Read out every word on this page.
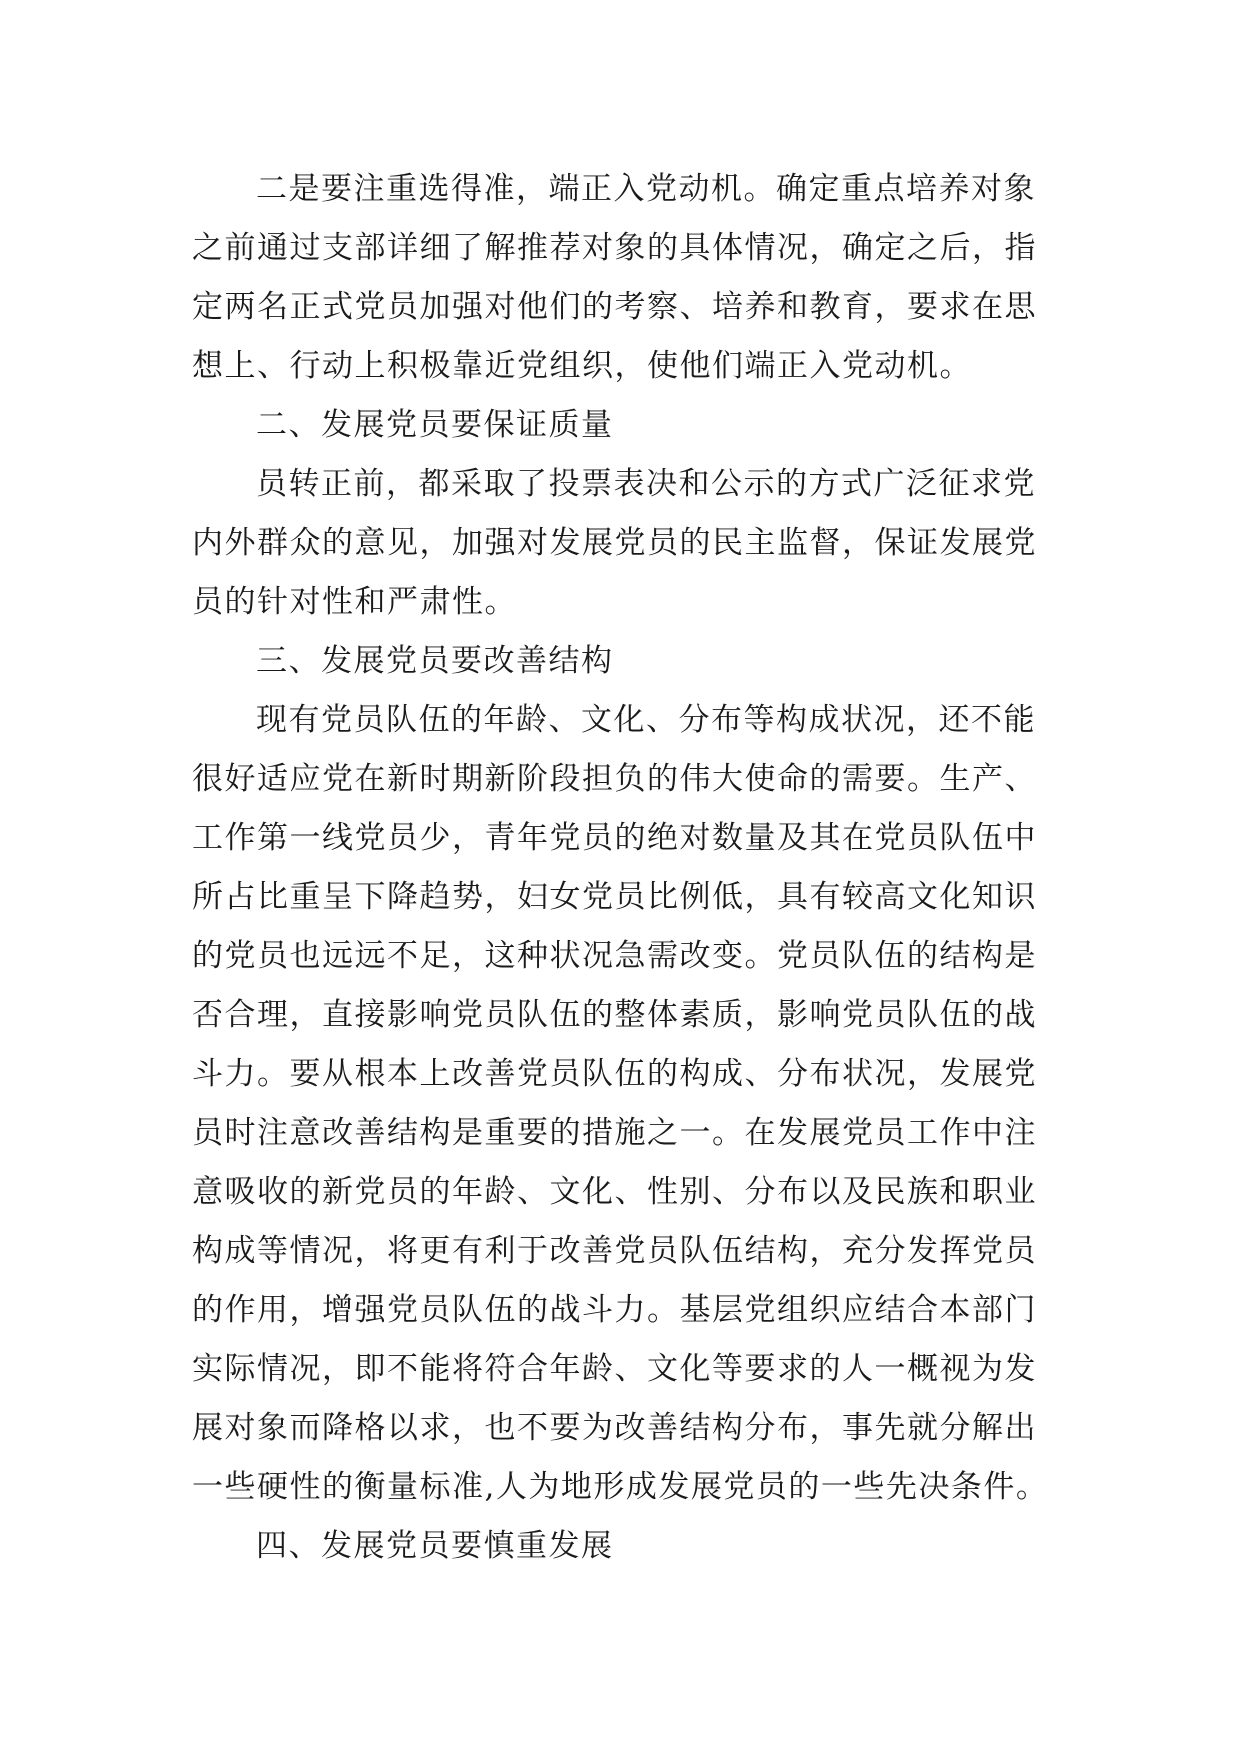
二是要注重选得准，端正入党动机。确定重点培养对象
之前通过支部详细了解推荐对象的具体情况，确定之后，指
定两名正式党员加强对他们的考察、培养和教育，要求在思
想上、行动上积极靠近党组织，使他们端正入党动机。
二、发展党员要保证质量
员转正前，都采取了投票表决和公示的方式广泛征求党
内外群众的意见，加强对发展党员的民主监督，保证发展党
员的针对性和严肃性。
三、发展党员要改善结构
现有党员队伍的年龄、文化、分布等构成状况，还不能
很好适应党在新时期新阶段担负的伟大使命的需要。生产、
工作第一线党员少，青年党员的绝对数量及其在党员队伍中
所占比重呈下降趋势，妇女党员比例低，具有较高文化知识
的党员也远远不足，这种状况急需改变。党员队伍的结构是
否合理，直接影响党员队伍的整体素质，影响党员队伍的战
斗力。要从根本上改善党员队伍的构成、分布状况，发展党
员时注意改善结构是重要的措施之一。在发展党员工作中注
意吸收的新党员的年龄、文化、性别、分布以及民族和职业
构成等情况，将更有利于改善党员队伍结构，充分发挥党员
的作用，增强党员队伍的战斗力。基层党组织应结合本部门
实际情况，即不能将符合年龄、文化等要求的人一概视为发
展对象而降格以求，也不要为改善结构分布，事先就分解出
一些硬性的衡量标准,人为地形成发展党员的一些先决条件。
四、发展党员要慎重发展
